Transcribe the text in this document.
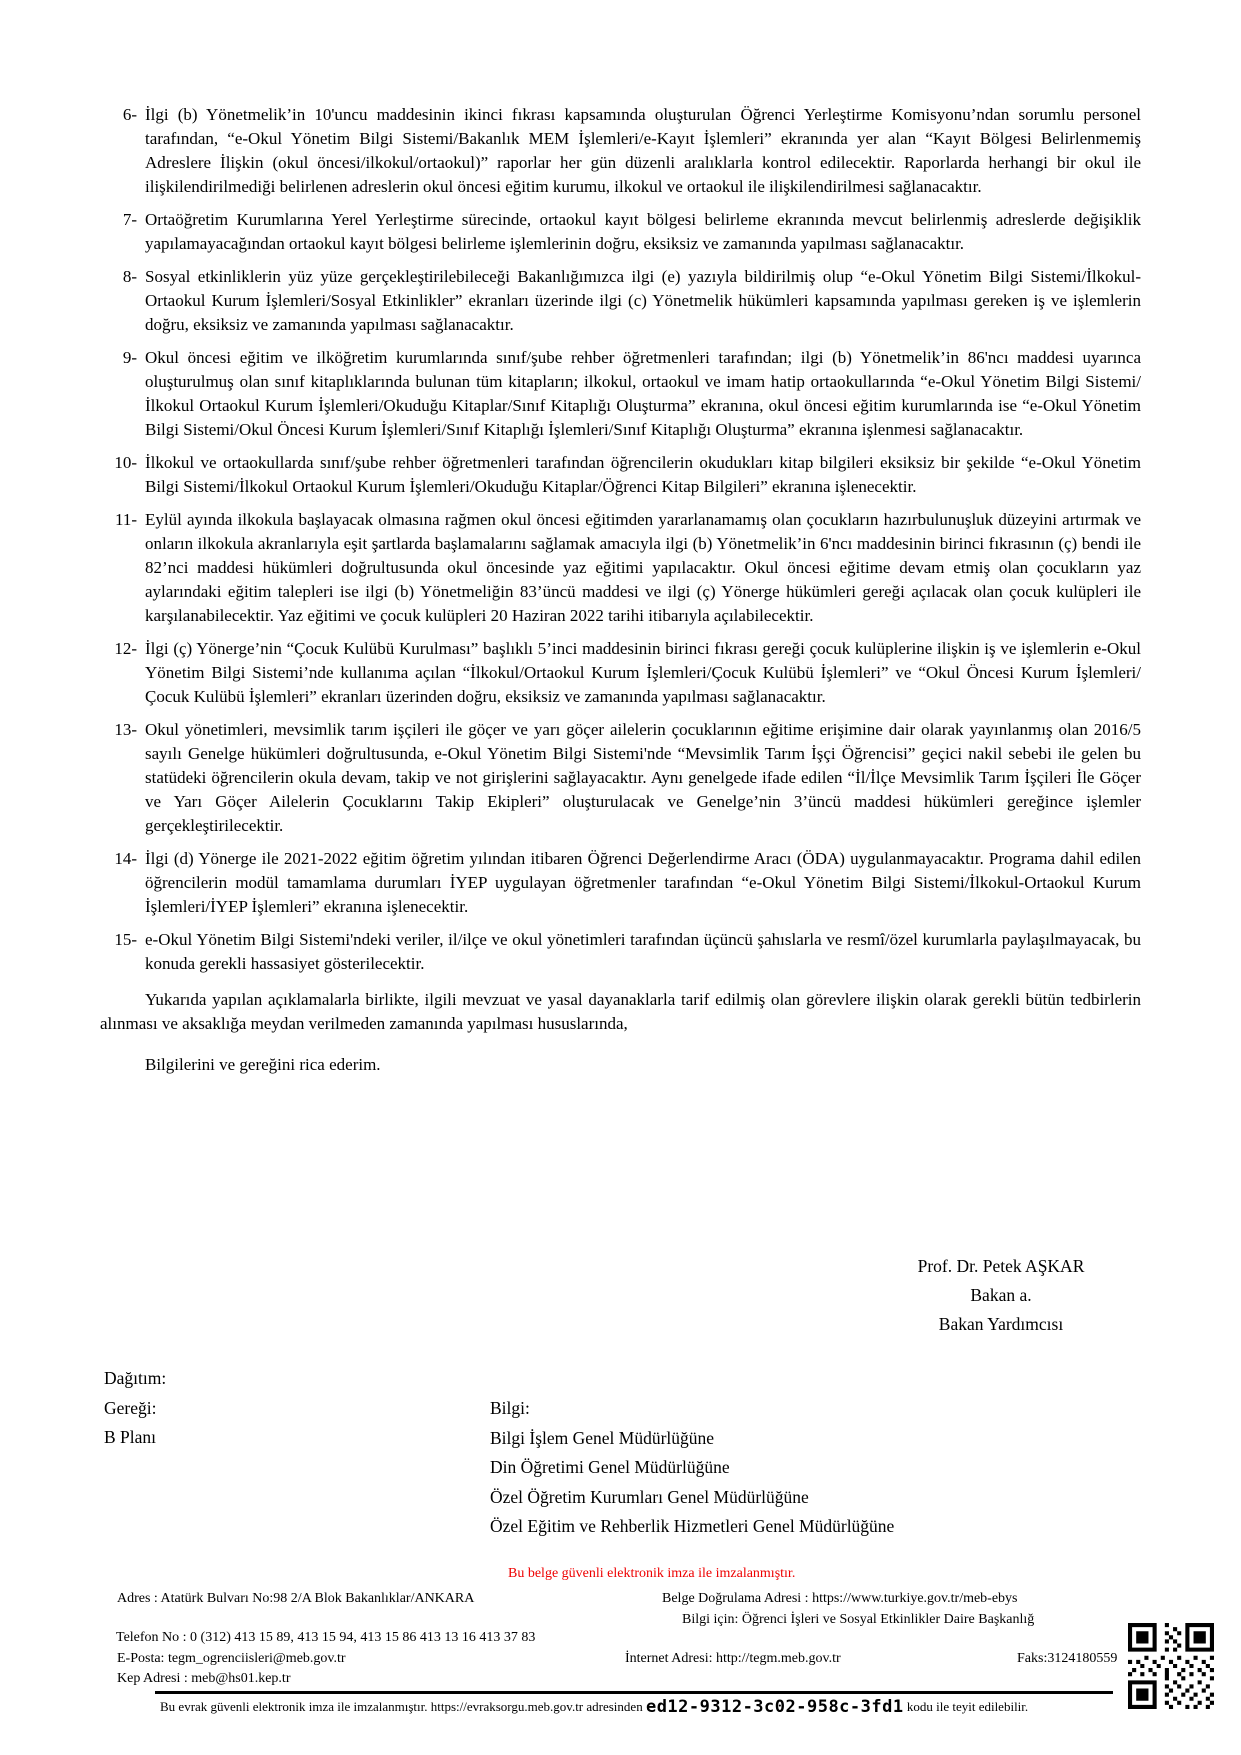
6- İlgi (b) Yönetmelik’in 10'uncu maddesinin ikinci fıkrası kapsamında oluşturulan Öğrenci Yerleştirme Komisyonu’ndan sorumlu personel tarafından, “e-Okul Yönetim Bilgi Sistemi/Bakanlık MEM İşlemleri/e-Kayıt İşlemleri” ekranında yer alan “Kayıt Bölgesi Belirlenmemiş Adreslere İlişkin (okul öncesi/ilkokul/ortaokul)” raporlar her gün düzenli aralıklarla kontrol edilecektir. Raporlarda herhangi bir okul ile ilişkilendirilmediği belirlenen adreslerin okul öncesi eğitim kurumu, ilkokul ve ortaokul ile ilişkilendirilmesi sağlanacaktır.
7- Ortaöğretim Kurumlarına Yerel Yerleştirme sürecinde, ortaokul kayıt bölgesi belirleme ekranında mevcut belirlenmiş adreslerde değişiklik yapılamayacağından ortaokul kayıt bölgesi belirleme işlemlerinin doğru, eksiksiz ve zamanında yapılması sağlanacaktır.
8- Sosyal etkinliklerin yüz yüze gerçekleştirilebileceği Bakanlığımızca ilgi (e) yazıyla bildirilmiş olup “e-Okul Yönetim Bilgi Sistemi/İlkokul-Ortaokul Kurum İşlemleri/Sosyal Etkinlikler” ekranları üzerinde ilgi (c) Yönetmelik hükümleri kapsamında yapılması gereken iş ve işlemlerin doğru, eksiksiz ve zamanında yapılması sağlanacaktır.
9- Okul öncesi eğitim ve ilköğretim kurumlarında sınıf/şube rehber öğretmenleri tarafından; ilgi (b) Yönetmelik’in 86'ncı maddesi uyarınca oluşturulmuş olan sınıf kitaplıklarında bulunan tüm kitapların; ilkokul, ortaokul ve imam hatip ortaokullarında “e-Okul Yönetim Bilgi Sistemi/İlkokul Ortaokul Kurum İşlemleri/Okuduğu Kitaplar/Sınıf Kitaplığı Oluşturma” ekranına, okul öncesi eğitim kurumlarında ise “e-Okul Yönetim Bilgi Sistemi/Okul Öncesi Kurum İşlemleri/Sınıf Kitaplığı İşlemleri/Sınıf Kitaplığı Oluşturma” ekranına işlenmesi sağlanacaktır.
10- İlkokul ve ortaokullarda sınıf/şube rehber öğretmenleri tarafından öğrencilerin okudukları kitap bilgileri eksiksiz bir şekilde “e-Okul Yönetim Bilgi Sistemi/İlkokul Ortaokul Kurum İşlemleri/Okuduğu Kitaplar/Öğrenci Kitap Bilgileri” ekranına işlenecektir.
11- Eylül ayında ilkokula başlayacak olmasına rağmen okul öncesi eğitimden yararlanamamış olan çocukların hazırbulunuşluk düzeyini artırmak ve onların ilkokula akranlarıyla eşit şartlarda başlamalarını sağlamak amacıyla ilgi (b) Yönetmelik’in 6'ncı maddesinin birinci fıkrasının (ç) bendi ile 82’nci maddesi hükümleri doğrultusunda okul öncesinde yaz eğitimi yapılacaktır. Okul öncesi eğitime devam etmiş olan çocukların yaz aylarındaki eğitim talepleri ise ilgi (b) Yönetmeliğin 83’üncü maddesi ve ilgi (ç) Yönerge hükümleri gereği açılacak olan çocuk kulüpleri ile karşılanabilecektir. Yaz eğitimi ve çocuk kulüpleri 20 Haziran 2022 tarihi itibarıyla açılabilecektir.
12- İlgi (ç) Yönerge’nin “Çocuk Kulübü Kurulması” başlıklı 5’inci maddesinin birinci fıkrası gereği çocuk kulüplerine ilişkin iş ve işlemlerin e-Okul Yönetim Bilgi Sistemi’nde kullanıma açılan “İlkokul/Ortaokul Kurum İşlemleri/Çocuk Kulübü İşlemleri” ve “Okul Öncesi Kurum İşlemleri/Çocuk Kulübü İşlemleri” ekranları üzerinden doğru, eksiksiz ve zamanında yapılması sağlanacaktır.
13- Okul yönetimleri, mevsimlik tarım işçileri ile göçer ve yarı göçer ailelerin çocuklarının eğitime erişimine dair olarak yayınlanmış olan 2016/5 sayılı Genelge hükümleri doğrultusunda, e-Okul Yönetim Bilgi Sistemi'nde “Mevsimlik Tarım İşçi Öğrencisi” geçici nakil sebebi ile gelen bu statüdeki öğrencilerin okula devam, takip ve not girişlerini sağlayacaktır. Aynı genelgede ifade edilen “İl/İlçe Mevsimlik Tarım İşçileri İle Göçer ve Yarı Göçer Ailelerin Çocuklarını Takip Ekipleri” oluşturulacak ve Genelge’nin 3’üncü maddesi hükümleri gereğince işlemler gerçekleştirilecektir.
14- İlgi (d) Yönerge ile 2021-2022 eğitim öğretim yılından itibaren Öğrenci Değerlendirme Aracı (ÖDA) uygulanmayacaktır. Programa dahil edilen öğrencilerin modül tamamlama durumları İYEP uygulayan öğretmenler tarafından “e-Okul Yönetim Bilgi Sistemi/İlkokul-Ortaokul Kurum İşlemleri/İYEP İşlemleri” ekranına işlenecektir.
15- e-Okul Yönetim Bilgi Sistemi'ndeki veriler, il/ilçe ve okul yönetimleri tarafından üçüncü şahıslarla ve resmî/özel kurumlarla paylaşılmayacak, bu konuda gerekli hassasiyet gösterilecektir.

Yukarıda yapılan açıklamalarla birlikte, ilgili mevzuat ve yasal dayanaklarla tarif edilmiş olan görevlere ilişkin olarak gerekli bütün tedbirlerin alınması ve aksaklığa meydan verilmeden zamanında yapılması hususlarında,

Bilgilerini ve gereğini rica ederim.

Prof. Dr. Petek AŞKAR
Bakan a.
Bakan Yardımcısı
Dağıtım:
Gereği:
B Planı
Bilgi:
Bilgi İşlem Genel Müdürlüğüne
Din Öğretimi Genel Müdürlüğüne
Özel Öğretim Kurumları Genel Müdürlüğüne
Özel Eğitim ve Rehberlik Hizmetleri Genel Müdürlüğüne
Bu belge güvenli elektronik imza ile imzalanmıştır.
Adres : Atatürk Bulvarı No:98 2/A Blok Bakanlıklar/ANKARA	Belge Doğrulama Adresi : https://www.turkiye.gov.tr/meb-ebys
Bilgi için: Öğrenci İşleri ve Sosyal Etkinlikler Daire Başkanlığ
Telefon No : 0 (312) 413 15 89, 413 15 94, 413 15 86 413 13 16 413 37 83
E-Posta: tegm_ogrenciisleri@meb.gov.tr	İnternet Adresi: http://tegm.meb.gov.tr	Faks:3124180559
Kep Adresi : meb@hs01.kep.tr
Bu evrak güvenli elektronik imza ile imzalanmıştır. https://evraksorgu.meb.gov.tr adresinden ed12-9312-3c02-958c-3fd1 kodu ile teyit edilebilir.
